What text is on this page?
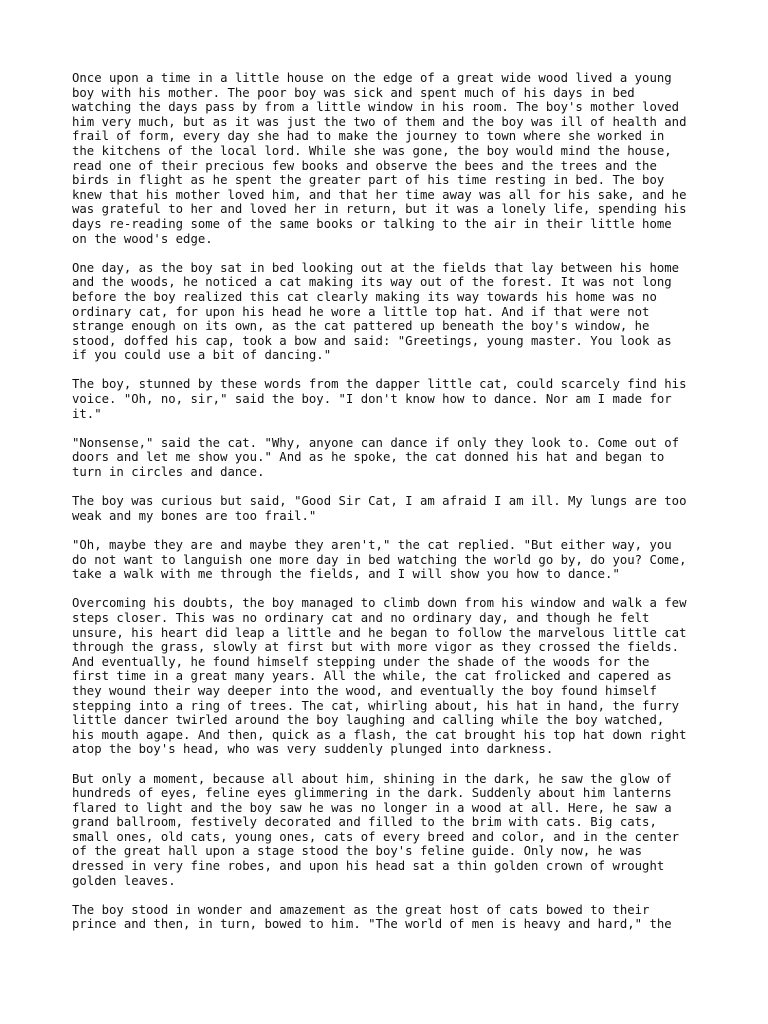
Once upon a time in a little house on the edge of a great wide wood lived a young
boy with his mother. The poor boy was sick and spent much of his days in bed
watching the days pass by from a little window in his room. The boy's mother loved
him very much, but as it was just the two of them and the boy was ill of health and
frail of form, every day she had to make the journey to town where she worked in
the kitchens of the local lord. While she was gone, the boy would mind the house,
read one of their precious few books and observe the bees and the trees and the
birds in flight as he spent the greater part of his time resting in bed. The boy
knew that his mother loved him, and that her time away was all for his sake, and he
was grateful to her and loved her in return, but it was a lonely life, spending his
days re-reading some of the same books or talking to the air in their little home
on the wood's edge.

One day, as the boy sat in bed looking out at the fields that lay between his home
and the woods, he noticed a cat making its way out of the forest. It was not long
before the boy realized this cat clearly making its way towards his home was no
ordinary cat, for upon his head he wore a little top hat. And if that were not
strange enough on its own, as the cat pattered up beneath the boy's window, he
stood, doffed his cap, took a bow and said: "Greetings, young master. You look as
if you could use a bit of dancing."

The boy, stunned by these words from the dapper little cat, could scarcely find his
voice. "Oh, no, sir," said the boy. "I don't know how to dance. Nor am I made for
it."

"Nonsense," said the cat. "Why, anyone can dance if only they look to. Come out of
doors and let me show you." And as he spoke, the cat donned his hat and began to
turn in circles and dance.

The boy was curious but said, "Good Sir Cat, I am afraid I am ill. My lungs are too
weak and my bones are too frail."

"Oh, maybe they are and maybe they aren't," the cat replied. "But either way, you
do not want to languish one more day in bed watching the world go by, do you? Come,
take a walk with me through the fields, and I will show you how to dance."

Overcoming his doubts, the boy managed to climb down from his window and walk a few
steps closer. This was no ordinary cat and no ordinary day, and though he felt
unsure, his heart did leap a little and he began to follow the marvelous little cat
through the grass, slowly at first but with more vigor as they crossed the fields.
And eventually, he found himself stepping under the shade of the woods for the
first time in a great many years. All the while, the cat frolicked and capered as
they wound their way deeper into the wood, and eventually the boy found himself
stepping into a ring of trees. The cat, whirling about, his hat in hand, the furry
little dancer twirled around the boy laughing and calling while the boy watched,
his mouth agape. And then, quick as a flash, the cat brought his top hat down right
atop the boy's head, who was very suddenly plunged into darkness.

But only a moment, because all about him, shining in the dark, he saw the glow of
hundreds of eyes, feline eyes glimmering in the dark. Suddenly about him lanterns
flared to light and the boy saw he was no longer in a wood at all. Here, he saw a
grand ballroom, festively decorated and filled to the brim with cats. Big cats,
small ones, old cats, young ones, cats of every breed and color, and in the center
of the great hall upon a stage stood the boy's feline guide. Only now, he was
dressed in very fine robes, and upon his head sat a thin golden crown of wrought
golden leaves.

The boy stood in wonder and amazement as the great host of cats bowed to their
prince and then, in turn, bowed to him. "The world of men is heavy and hard," the
